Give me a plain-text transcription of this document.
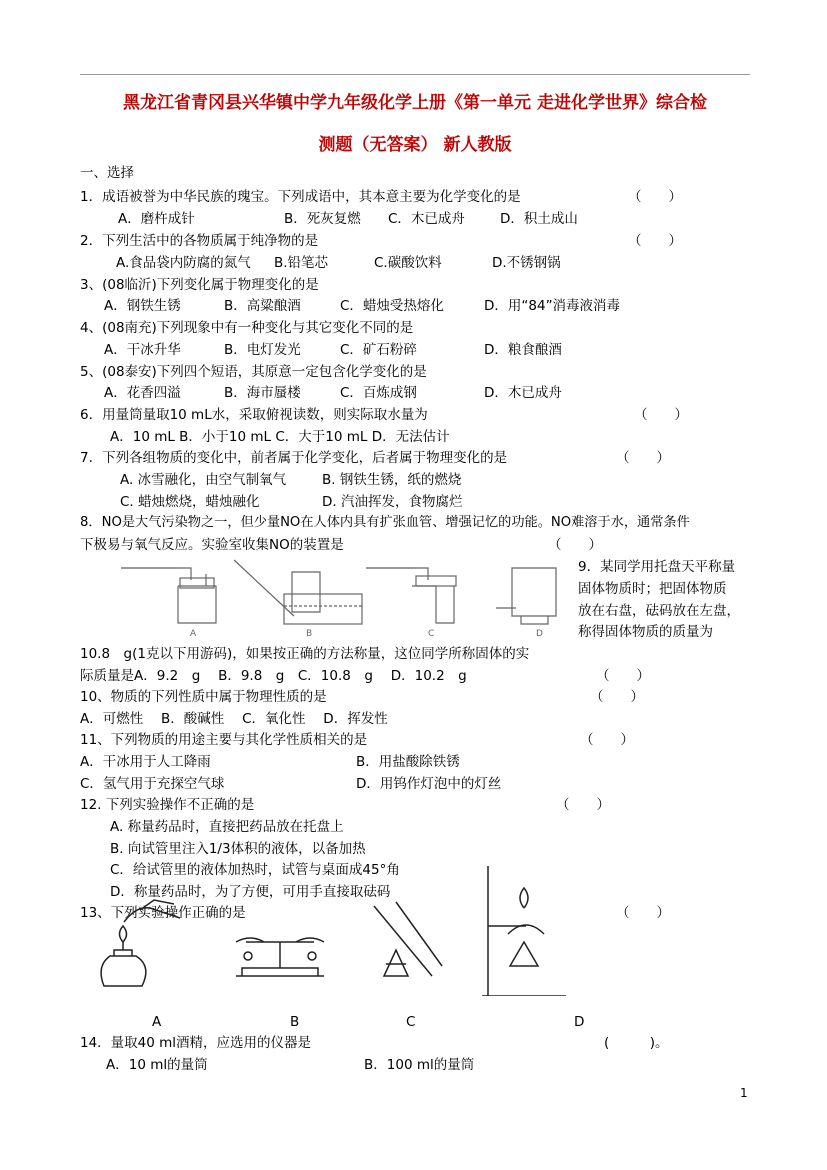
黑龙江省青冈县兴华镇中学九年级化学上册《第一单元 走进化学世界》综合检
测题（无答案） 新人教版
一、选择
1．成语被誉为中华民族的瑰宝。下列成语中，其本意主要为化学变化的是	（　　）
A．磨杵成针	B．死灰复燃 C．木已成舟	D．积土成山
2．下列生活中的各物质属于纯净物的是	（　　）
A.食品袋内防腐的氮气 B.铅笔芯	C.碳酸饮料	D.不锈钢锅
3、(08临沂)下列变化属于物理变化的是
A．钢铁生锈	B．高粱酿酒	C．蜡烛受热熔化	D．用“84”消毒液消毒
4、(08南充)下列现象中有一种变化与其它变化不同的是
A．干冰升华	B．电灯发光	C．矿石粉碎	D．粮食酿酒
5、(08泰安)下列四个短语，其原意一定包含化学变化的是
A．花香四溢	B．海市蜃楼	C．百炼成钢	D．木已成舟
6．用量筒量取10 mL水，采取俯视读数，则实际取水量为	（　　）
A．10 mL B．小于10 mL C．大于10 mL D．无法估计
7．下列各组物质的变化中，前者属于化学变化，后者属于物理变化的是	（　　）
A. 冰雪融化，由空气制氧气	B. 钢铁生锈，纸的燃烧
C. 蜡烛燃烧，蜡烛融化	D. 汽油挥发，食物腐烂
8．NO是大气污染物之一，但少量NO在人体内具有扩张血管、增强记忆的功能。NO难溶于水，通常条件
下极易与氧气反应。实验室收集NO的装置是	（　　）
A	B	C	D
9．某同学用托盘天平称量
固体物质时；把固体物质
放在右盘，砝码放在左盘，
称得固体物质的质量为
10.8　g(1克以下用游码)，如果按正确的方法称量，这位同学所称固体的实
际质量是A．9.2　g　 B．9.8　g　C．10.8　g　 D．10.2　g	（　　）
10、物质的下列性质中属于物理性质的是	（　　）
A．可燃性　 B．酸碱性　 C．氧化性　 D．挥发性
11、下列物质的用途主要与其化学性质相关的是	（　　）
A．干冰用于人工降雨	B．用盐酸除铁锈
C．氢气用于充探空气球	D．用钨作灯泡中的灯丝
12. 下列实验操作不正确的是	（　　）
A. 称量药品时，直接把药品放在托盘上
B. 向试管里注入1/3体积的液体，以备加热
C．给试管里的液体加热时，试管与桌面成45°角
D．称量药品时，为了方便，可用手直接取砝码
13、下列实验操作正确的是	（　　）
A	B	C	D
14．量取40 ml酒精，应选用的仪器是	(　　　)。
A．10 ml的量筒	B．100 ml的量筒
1
